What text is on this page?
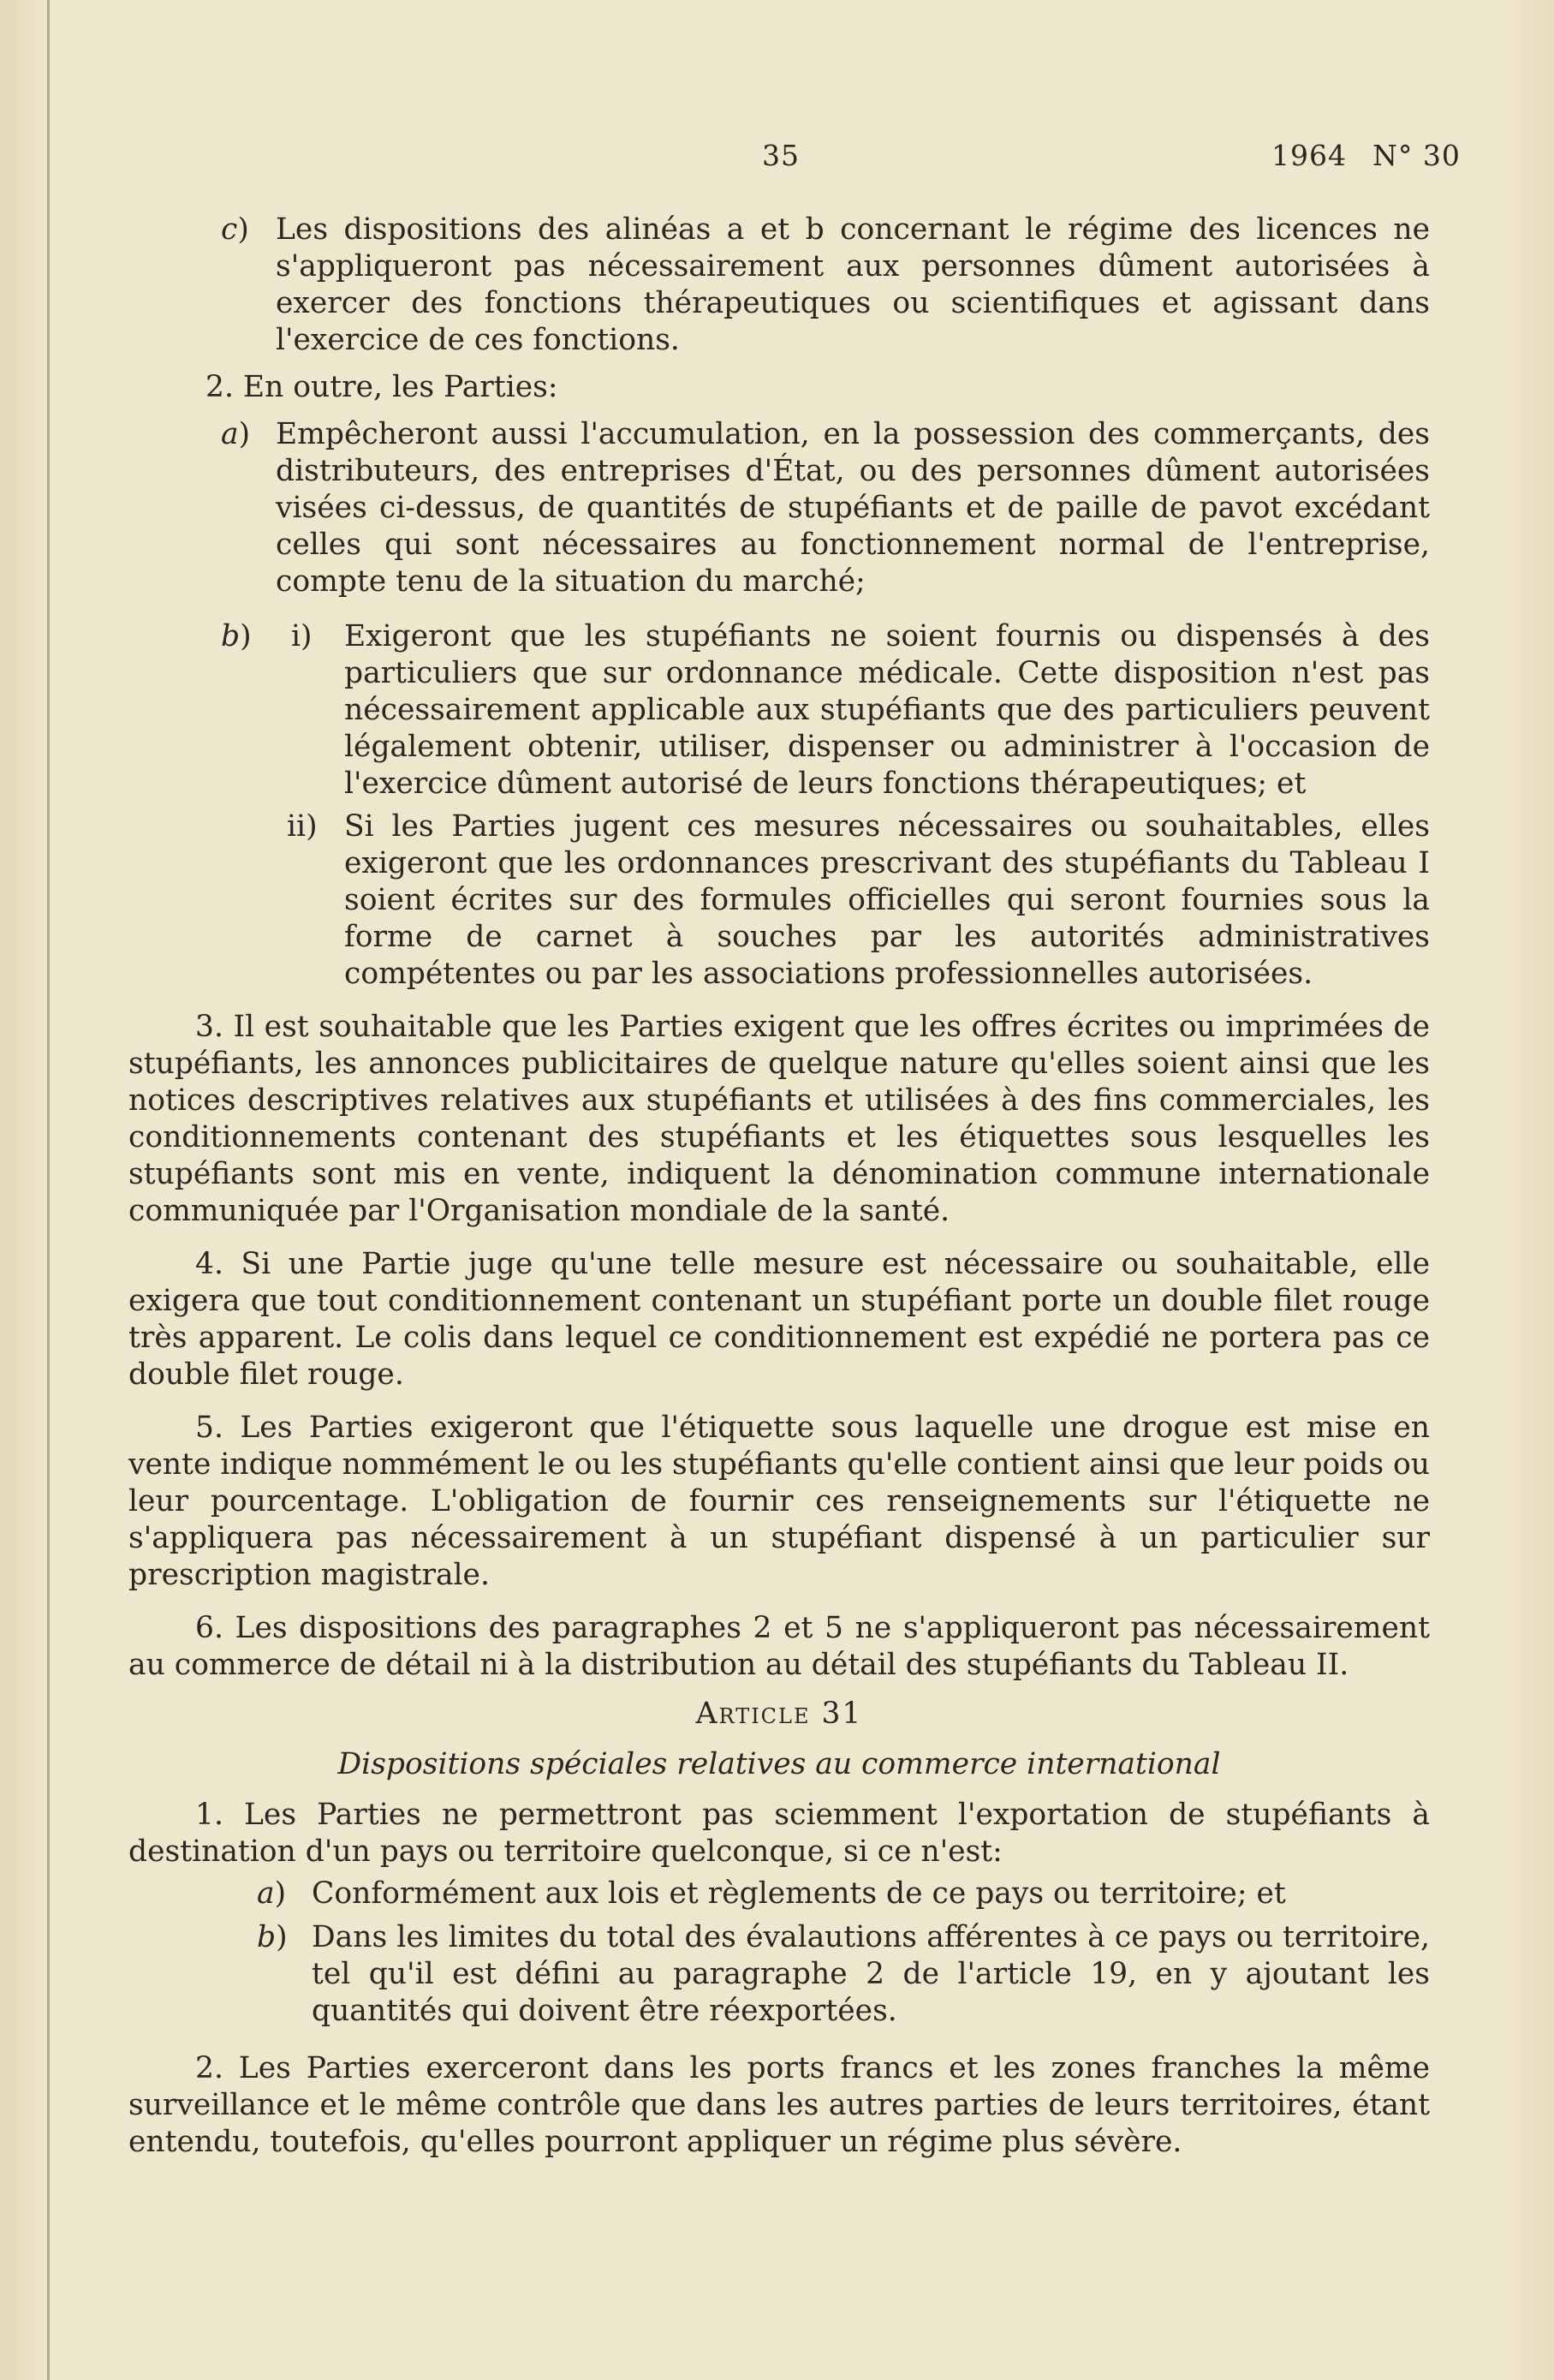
35	1964 N° 30

c) Les dispositions des alinéas a et b concernant le régime des licences ne s'appliqueront pas nécessairement aux personnes dûment autorisées à exercer des fonctions thérapeutiques ou scientifiques et agissant dans l'exercice de ces fonctions.

2. En outre, les Parties:

a) Empêcheront aussi l'accumulation, en la possession des commerçants, des distributeurs, des entreprises d'État, ou des personnes dûment autorisées visées ci-dessus, de quantités de stupéfiants et de paille de pavot excédant celles qui sont nécessaires au fonctionnement normal de l'entreprise, compte tenu de la situation du marché;

b) i) Exigeront que les stupéfiants ne soient fournis ou dispensés à des particuliers que sur ordonnance médicale. Cette disposition n'est pas nécessairement applicable aux stupéfiants que des particuliers peuvent légalement obtenir, utiliser, dispenser ou administrer à l'occasion de l'exercice dûment autorisé de leurs fonctions thérapeutiques; et

ii) Si les Parties jugent ces mesures nécessaires ou souhaitables, elles exigeront que les ordonnances prescrivant des stupéfiants du Tableau I soient écrites sur des formules officielles qui seront fournies sous la forme de carnet à souches par les autorités administratives compétentes ou par les associations professionnelles autorisées.

3. Il est souhaitable que les Parties exigent que les offres écrites ou imprimées de stupéfiants, les annonces publicitaires de quelque nature qu'elles soient ainsi que les notices descriptives relatives aux stupéfiants et utilisées à des fins commerciales, les conditionnements contenant des stupéfiants et les étiquettes sous lesquelles les stupéfiants sont mis en vente, indiquent la dénomination commune internationale communiquée par l'Organisation mondiale de la santé.

4. Si une Partie juge qu'une telle mesure est nécessaire ou souhaitable, elle exigera que tout conditionnement contenant un stupéfiant porte un double filet rouge très apparent. Le colis dans lequel ce conditionnement est expédié ne portera pas ce double filet rouge.

5. Les Parties exigeront que l'étiquette sous laquelle une drogue est mise en vente indique nommément le ou les stupéfiants qu'elle contient ainsi que leur poids ou leur pourcentage. L'obligation de fournir ces renseignements sur l'étiquette ne s'appliquera pas nécessairement à un stupéfiant dispensé à un particulier sur prescription magistrale.

6. Les dispositions des paragraphes 2 et 5 ne s'appliqueront pas nécessairement au commerce de détail ni à la distribution au détail des stupéfiants du Tableau II.

Article 31

Dispositions spéciales relatives au commerce international

1. Les Parties ne permettront pas sciemment l'exportation de stupéfiants à destination d'un pays ou territoire quelconque, si ce n'est:

a) Conformément aux lois et règlements de ce pays ou territoire; et

b) Dans les limites du total des évalautions afférentes à ce pays ou territoire, tel qu'il est défini au paragraphe 2 de l'article 19, en y ajoutant les quantités qui doivent être réexportées.

2. Les Parties exerceront dans les ports francs et les zones franches la même surveillance et le même contrôle que dans les autres parties de leurs territoires, étant entendu, toutefois, qu'elles pourront appliquer un régime plus sévère.
